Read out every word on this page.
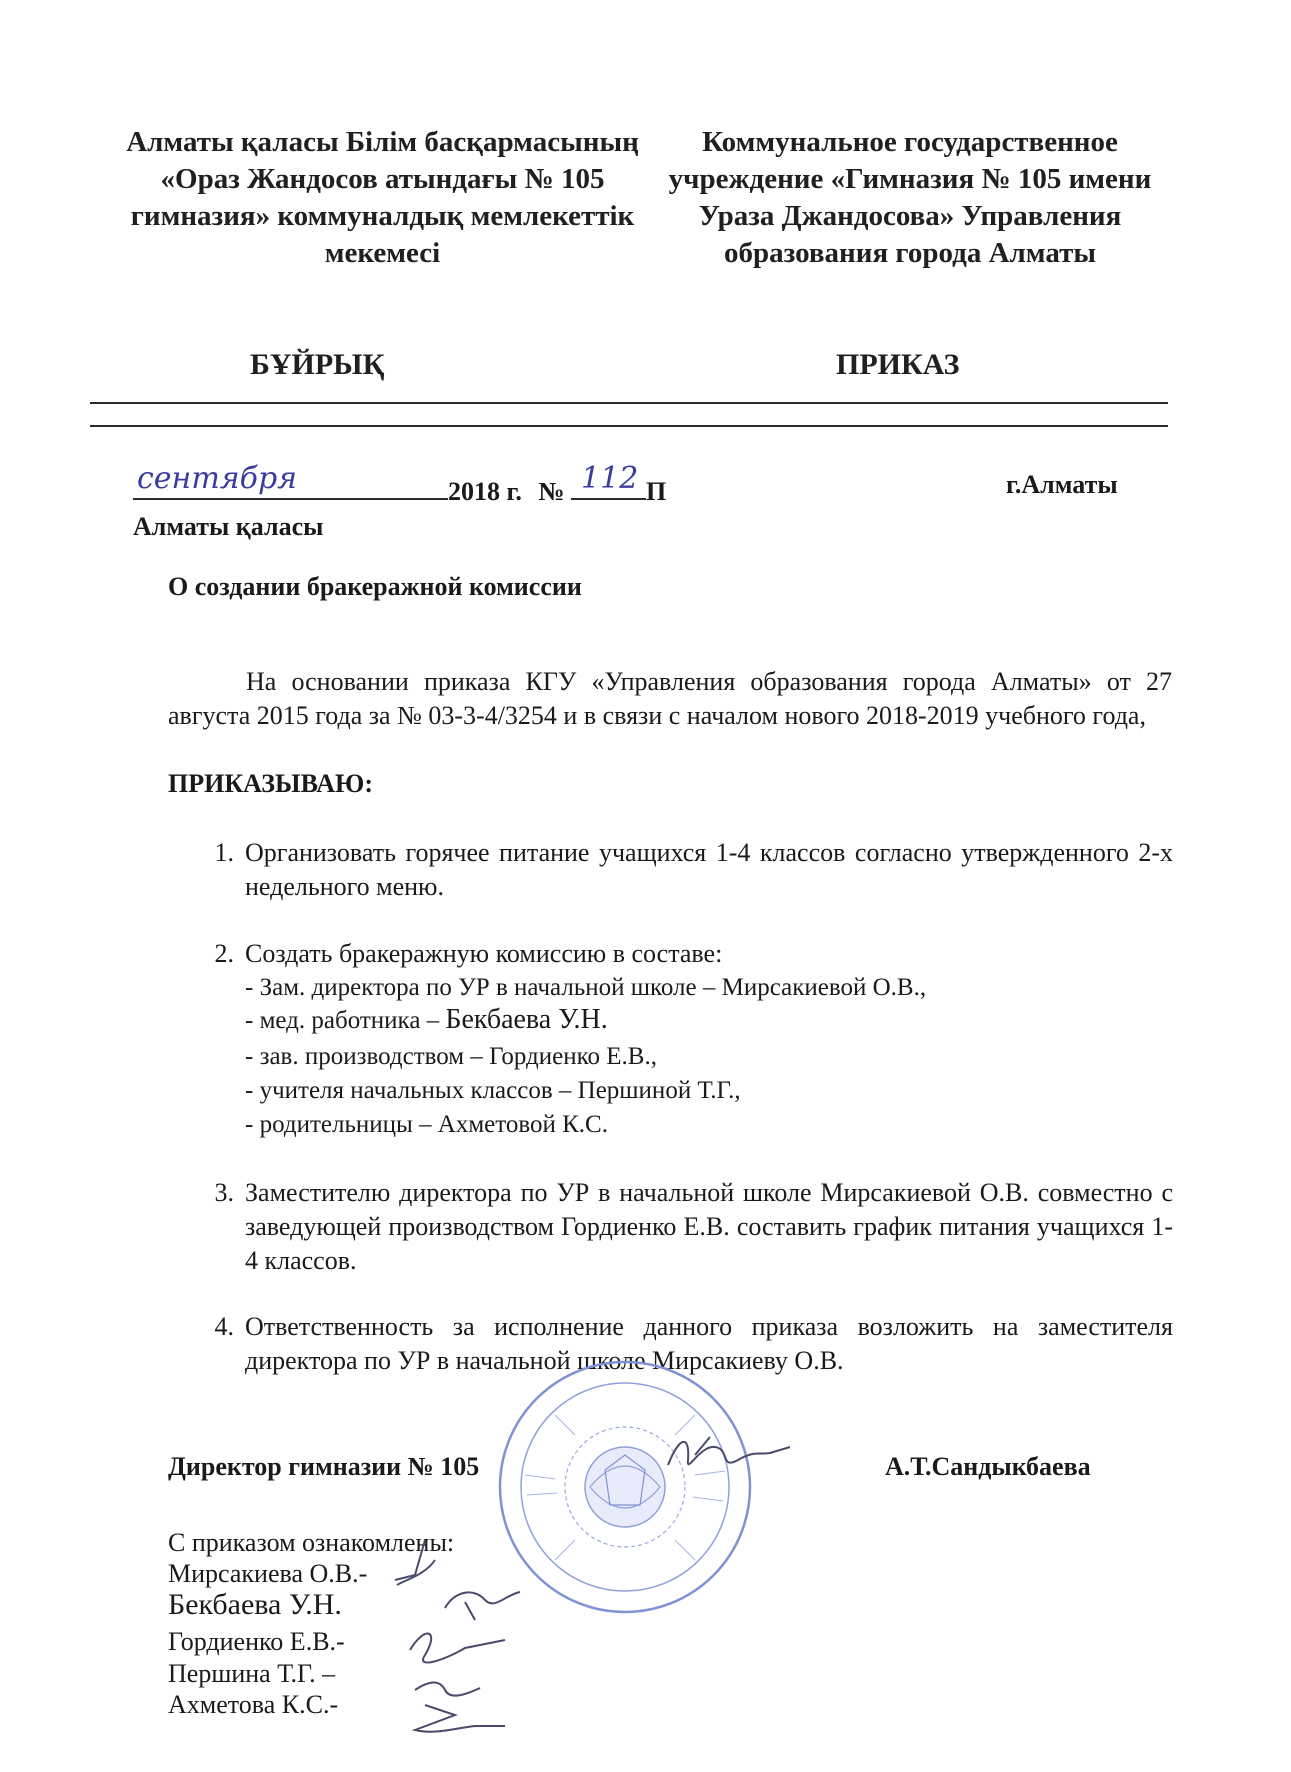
Алматы қаласы Білім басқармасының «Ораз Жандосов атындағы № 105 гимназия» коммуналдық мемлекеттік мекемесі
Коммунальное государственное учреждение «Гимназия № 105 имени Ураза Джандосова» Управления образования города Алматы
БҰЙРЫҚ	ПРИКАЗ
сентября	2018 г. № 112 П	г.Алматы
Алматы қаласы
О создании бракеражной комиссии
На основании приказа КГУ «Управления образования города Алматы» от 27 августа 2015 года за № 03-3-4/3254 и в связи с началом нового 2018-2019 учебного года,
ПРИКАЗЫВАЮ:
1. Организовать горячее питание учащихся 1-4 классов согласно утвержденного 2-х недельного меню.
2. Создать бракеражную комиссию в составе:
- Зам. директора по УР в начальной школе – Мирсакиевой О.В.,
- мед. работника – Бекбаева У.Н.
- зав. производством – Гордиенко Е.В.,
- учителя начальных классов – Першиной Т.Г.,
- родительницы – Ахметовой К.С.
3. Заместителю директора по УР в начальной школе Мирсакиевой О.В. совместно с заведующей производством Гордиенко Е.В. составить график питания учащихся 1-4 классов.
4. Ответственность за исполнение данного приказа возложить на заместителя директора по УР в начальной школе Мирсакиеву О.В.
Директор гимназии № 105	А.Т.Сандыкбаева
С приказом ознакомлены:
Мирсакиева О.В.-
Бекбаева У.Н.
Гордиенко Е.В.-
Першина Т.Г. –
Ахметова К.С.-
